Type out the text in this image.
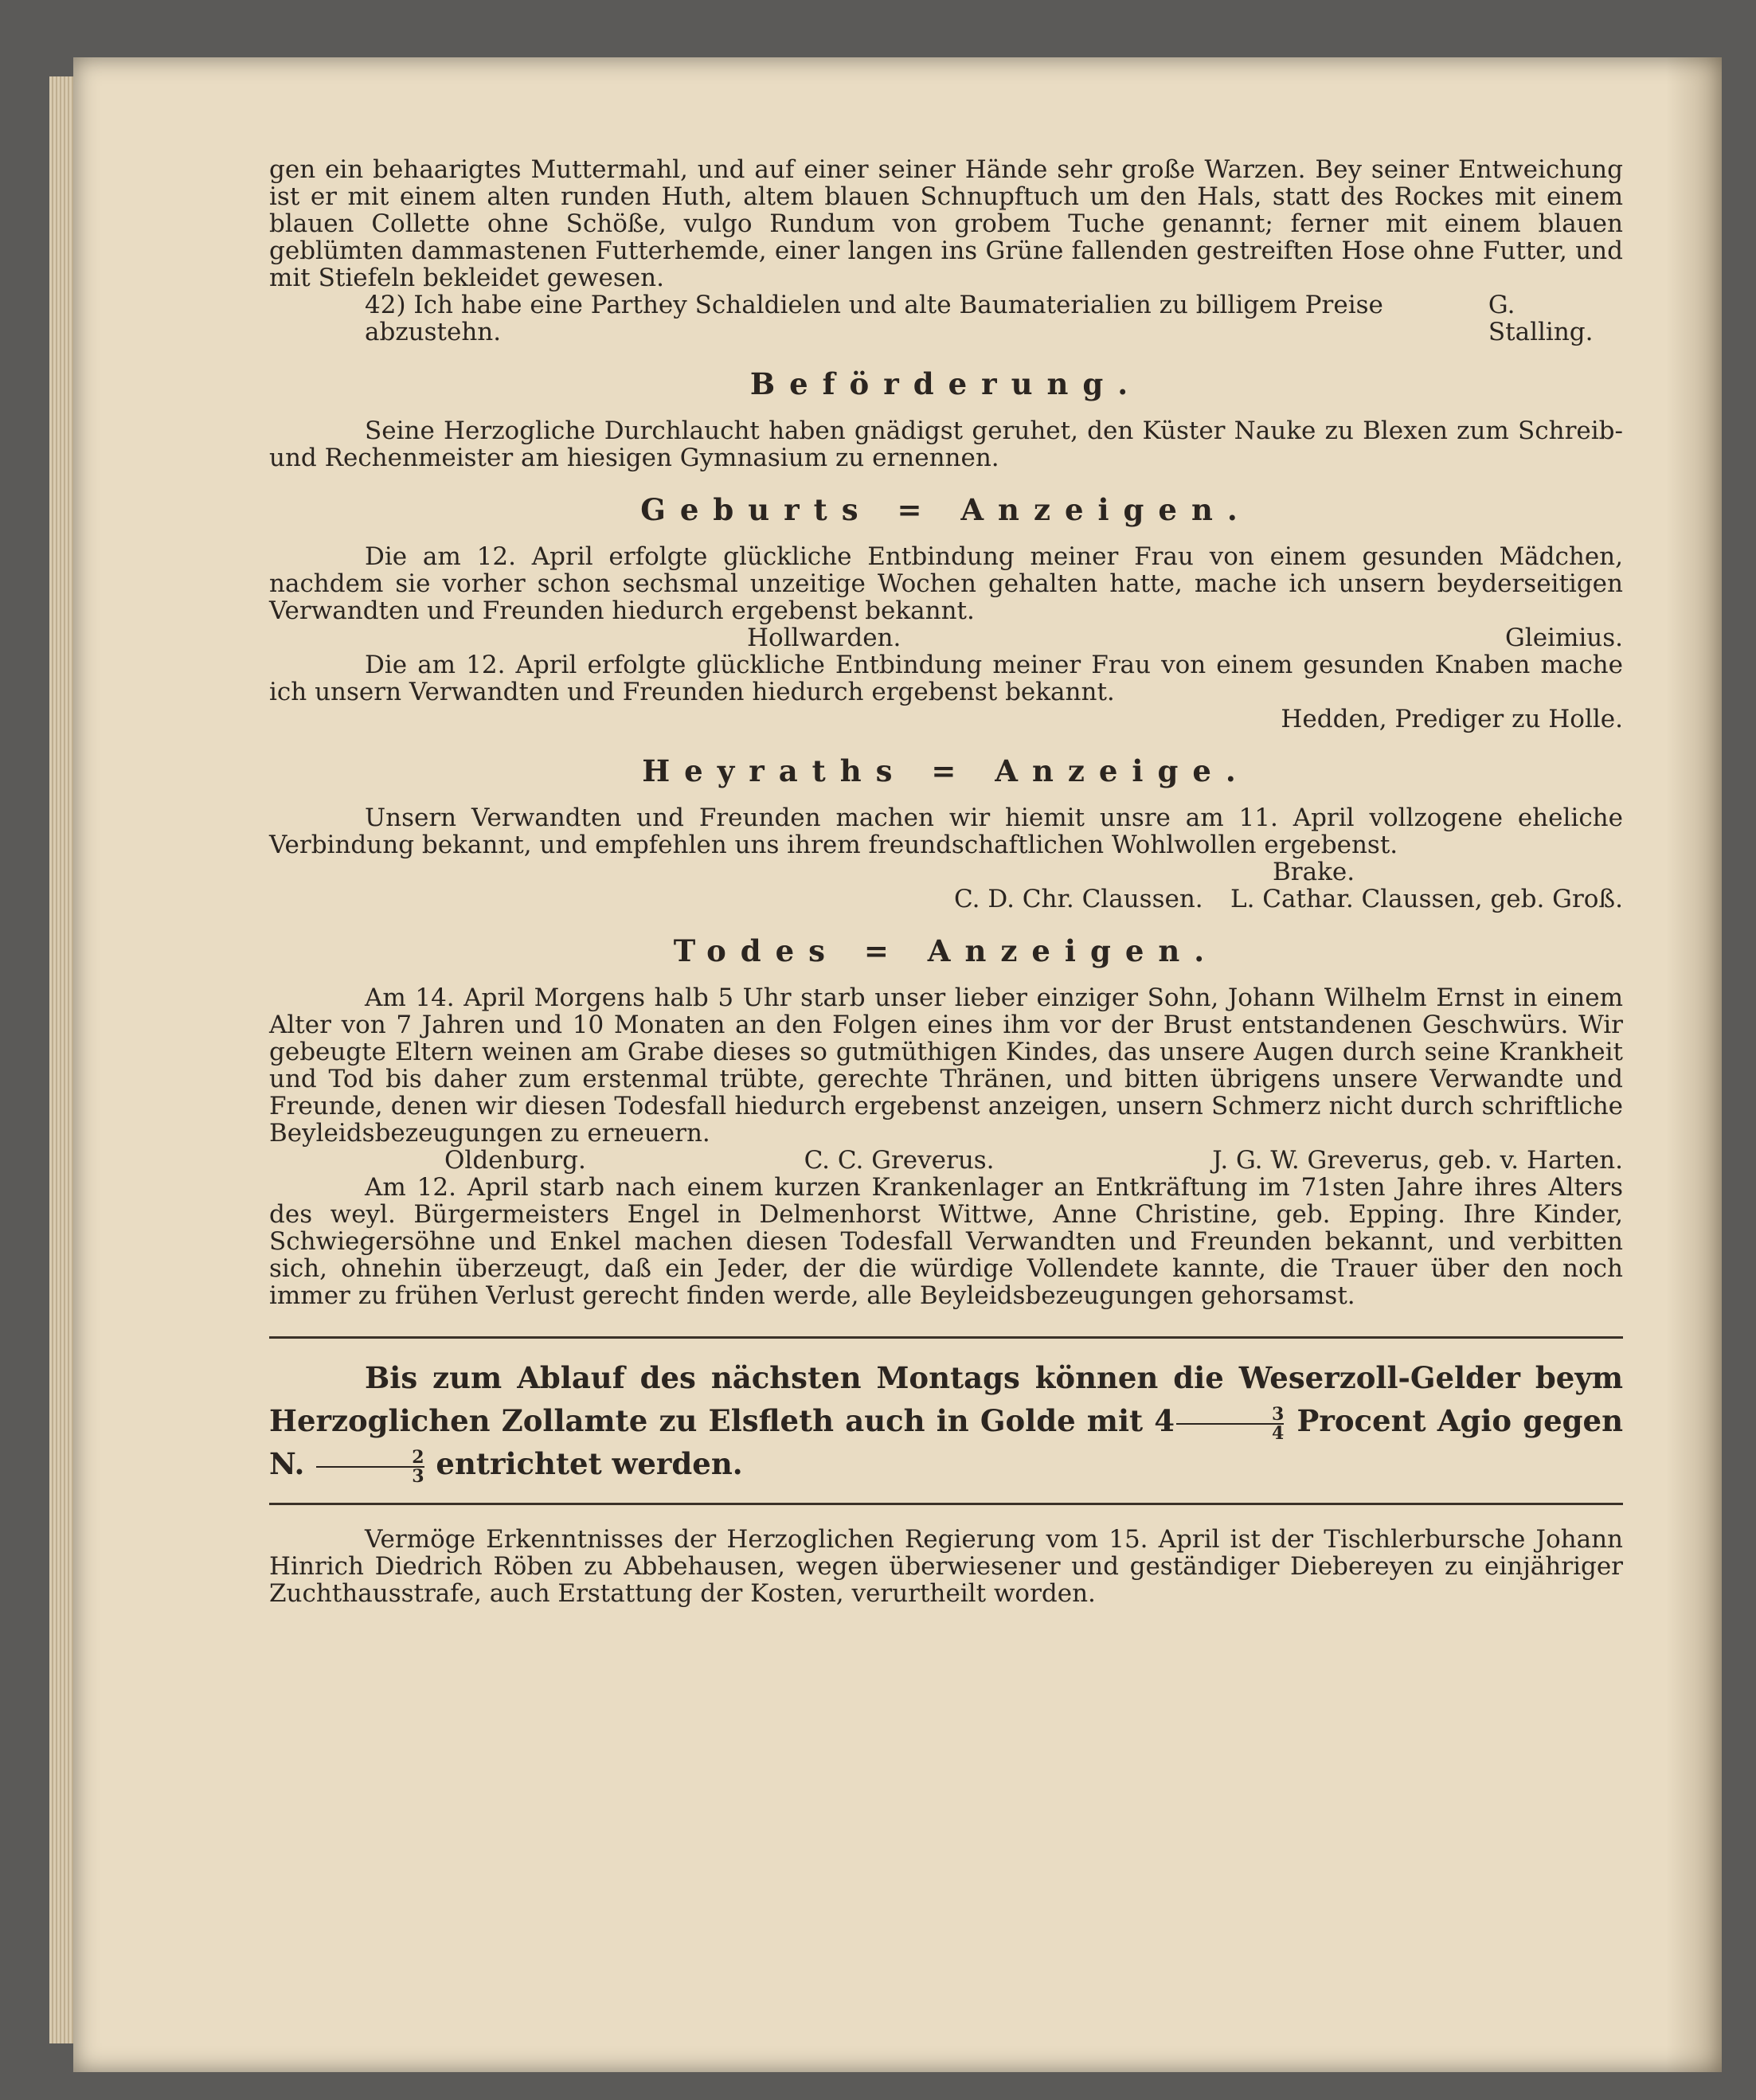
gen ein behaarigtes Muttermahl, und auf einer seiner Hände sehr große Warzen. Bey seiner Entweichung ist er mit einem alten runden Huth, altem blauen Schnupftuch um den Hals, statt des Rockes mit einem blauen Collette ohne Schöße, vulgo Rundum von grobem Tuche genannt; ferner mit einem blauen geblümten dammastenen Futterhemde, einer langen ins Grüne fallenden gestreiften Hose ohne Futter, und mit Stiefeln bekleidet gewesen.

42) Ich habe eine Parthey Schaldielen und alte Baumaterialien zu billigem Preise abzustehn.
G. Stalling.
Beförderung.

Seine Herzogliche Durchlaucht haben gnädigst geruhet, den Küster Nauke zu Blexen zum Schreib- und Rechenmeister am hiesigen Gymnasium zu ernennen.

Geburts = Anzeigen.

Die am 12. April erfolgte glückliche Entbindung meiner Frau von einem gesunden Mädchen, nachdem sie vorher schon sechsmal unzeitige Wochen gehalten hatte, mache ich unsern beyderseitigen Verwandten und Freunden hiedurch ergebenst bekannt.

Hollwarden.	Gleimius.

Die am 12. April erfolgte glückliche Entbindung meiner Frau von einem gesunden Knaben mache ich unsern Verwandten und Freunden hiedurch ergebenst bekannt.

Hedden, Prediger zu Holle.
Heyraths = Anzeige.

Unsern Verwandten und Freunden machen wir hiemit unsre am 11. April vollzogene eheliche Verbindung bekannt, und empfehlen uns ihrem freundschaftlichen Wohlwollen ergebenst.

Brake.
C. D. Chr. Claussen. L. Cathar. Claussen, geb. Groß.
Todes = Anzeigen.

Am 14. April Morgens halb 5 Uhr starb unser lieber einziger Sohn, Johann Wilhelm Ernst in einem Alter von 7 Jahren und 10 Monaten an den Folgen eines ihm vor der Brust entstandenen Geschwürs. Wir gebeugte Eltern weinen am Grabe dieses so gutmüthigen Kindes, das unsere Augen durch seine Krankheit und Tod bis daher zum erstenmal trübte, gerechte Thränen, und bitten übrigens unsere Verwandte und Freunde, denen wir diesen Todesfall hiedurch ergebenst anzeigen, unsern Schmerz nicht durch schriftliche Beyleidsbezeugungen zu erneuern.

Oldenburg.	C. C. Greverus.	J. G. W. Greverus, geb. v. Harten.

Am 12. April starb nach einem kurzen Krankenlager an Entkräftung im 71sten Jahre ihres Alters des weyl. Bürgermeisters Engel in Delmenhorst Wittwe, Anne Christine, geb. Epping. Ihre Kinder, Schwiegersöhne und Enkel machen diesen Todesfall Verwandten und Freunden bekannt, und verbitten sich, ohnehin überzeugt, daß ein Jeder, der die würdige Vollendete kannte, die Trauer über den noch immer zu frühen Verlust gerecht finden werde, alle Beyleidsbezeugungen gehorsamst.

Bis zum Ablauf des nächsten Montags können die Weserzoll-Gelder beym Herzoglichen Zollamte zu Elsfleth auch in Golde mit $4 \frac{3}{4}$ Procent Agio gegen N. $\frac{2}{3}$ entrichtet werden.

Vermöge Erkenntnisses der Herzoglichen Regierung vom 15. April ist der Tischlerbursche Johann Hinrich Diedrich Röben zu Abbehausen, wegen überwiesener und geständiger Diebereyen zu einjähriger Zuchthausstrafe, auch Erstattung der Kosten, verurtheilt worden.
